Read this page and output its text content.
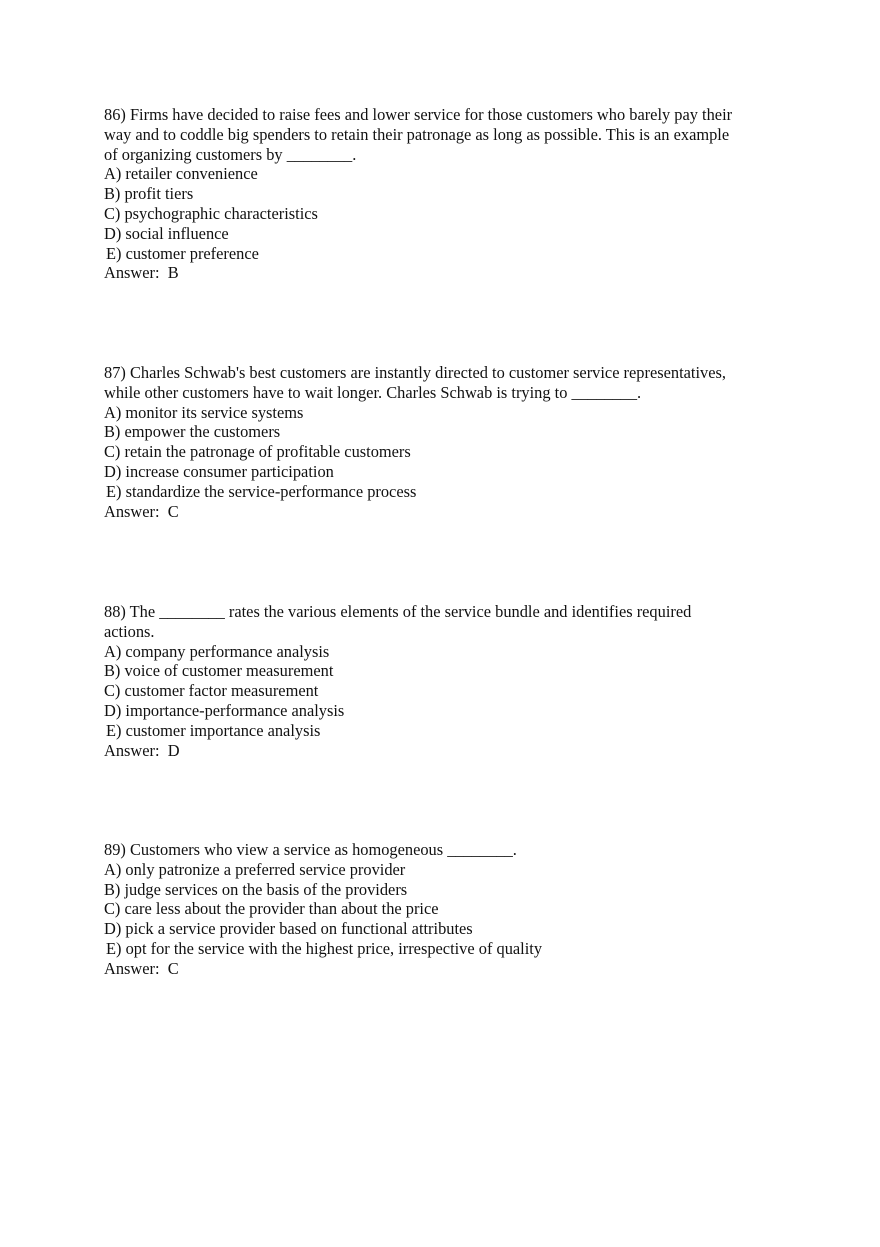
86) Firms have decided to raise fees and lower service for those customers who barely pay their
way and to coddle big spenders to retain their patronage as long as possible. This is an example
of organizing customers by ________.
A) retailer convenience
B) profit tiers
C) psychographic characteristics
D) social influence
E) customer preference
Answer:  B
87) Charles Schwab's best customers are instantly directed to customer service representatives,
while other customers have to wait longer. Charles Schwab is trying to ________.
A) monitor its service systems
B) empower the customers
C) retain the patronage of profitable customers
D) increase consumer participation
E) standardize the service-performance process
Answer:  C
88) The ________ rates the various elements of the service bundle and identifies required
actions.
A) company performance analysis
B) voice of customer measurement
C) customer factor measurement
D) importance-performance analysis
E) customer importance analysis
Answer:  D
89) Customers who view a service as homogeneous ________.
A) only patronize a preferred service provider
B) judge services on the basis of the providers
C) care less about the provider than about the price
D) pick a service provider based on functional attributes
E) opt for the service with the highest price, irrespective of quality
Answer:  C
